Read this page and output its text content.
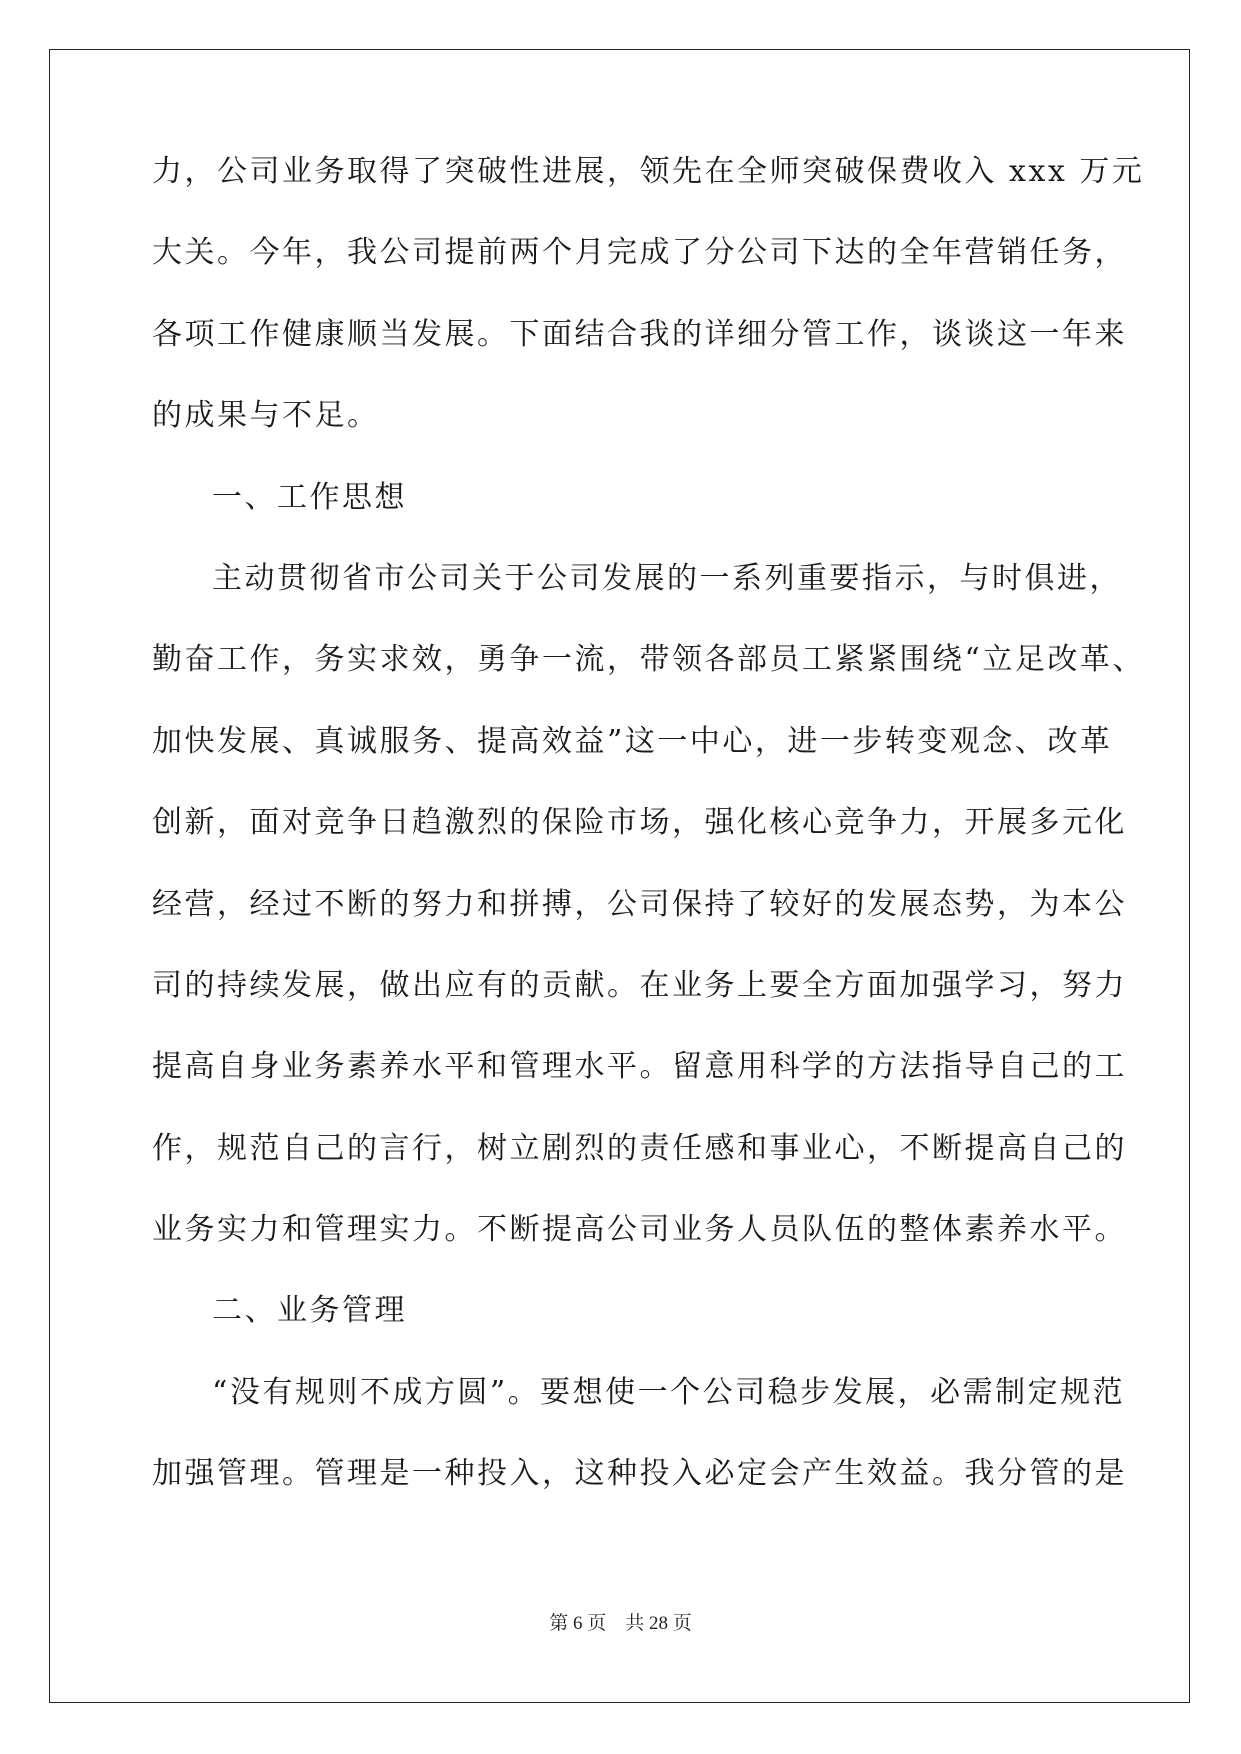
力，公司业务取得了突破性进展，领先在全师突破保费收入 xxx 万元
大关。今年，我公司提前两个月完成了分公司下达的全年营销任务，
各项工作健康顺当发展。下面结合我的详细分管工作，谈谈这一年来
的成果与不足。
一、工作思想
主动贯彻省市公司关于公司发展的一系列重要指示，与时俱进，
勤奋工作，务实求效，勇争一流，带领各部员工紧紧围绕“立足改革、
加快发展、真诚服务、提高效益”这一中心，进一步转变观念、改革
创新，面对竞争日趋激烈的保险市场，强化核心竞争力，开展多元化
经营，经过不断的努力和拼搏，公司保持了较好的发展态势，为本公
司的持续发展，做出应有的贡献。在业务上要全方面加强学习，努力
提高自身业务素养水平和管理水平。留意用科学的方法指导自己的工
作，规范自己的言行，树立剧烈的责任感和事业心，不断提高自己的
业务实力和管理实力。不断提高公司业务人员队伍的整体素养水平。
二、业务管理
“没有规则不成方圆”。要想使一个公司稳步发展，必需制定规范
加强管理。管理是一种投入，这种投入必定会产生效益。我分管的是
第 6 页 共 28 页
